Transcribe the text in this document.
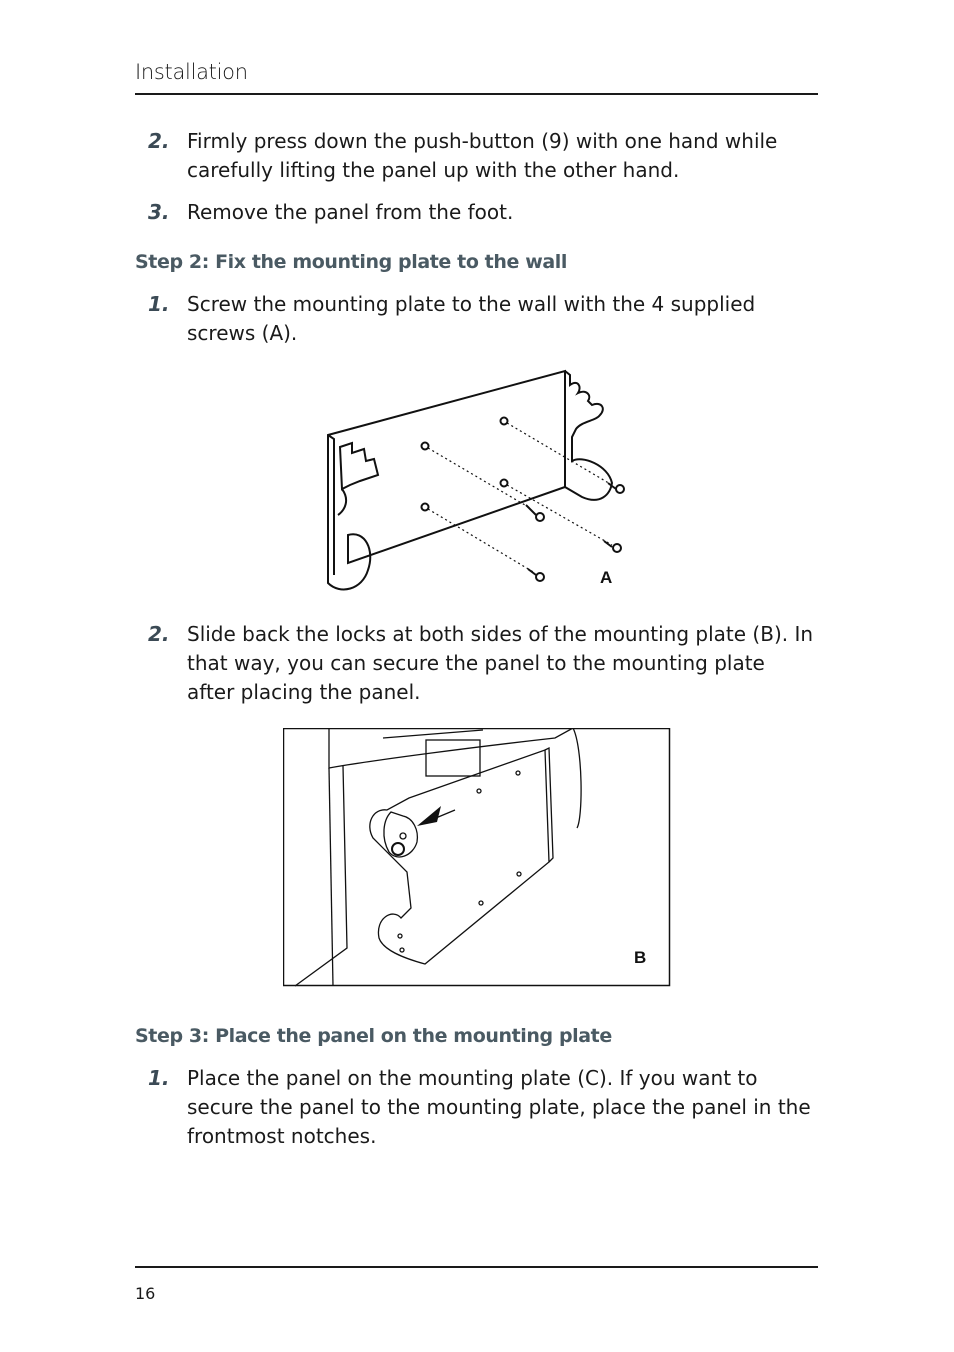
Installation
2. Firmly press down the push-button (9) with one hand while carefully lifting the panel up with the other hand.
3. Remove the panel from the foot.
Step 2: Fix the mounting plate to the wall
1. Screw the mounting plate to the wall with the 4 supplied screws (A).
A
2. Slide back the locks at both sides of the mounting plate (B). In that way, you can secure the panel to the mounting plate after placing the panel.
B
Step 3: Place the panel on the mounting plate
1. Place the panel on the mounting plate (C). If you want to secure the panel to the mounting plate, place the panel in the frontmost notches.
16
